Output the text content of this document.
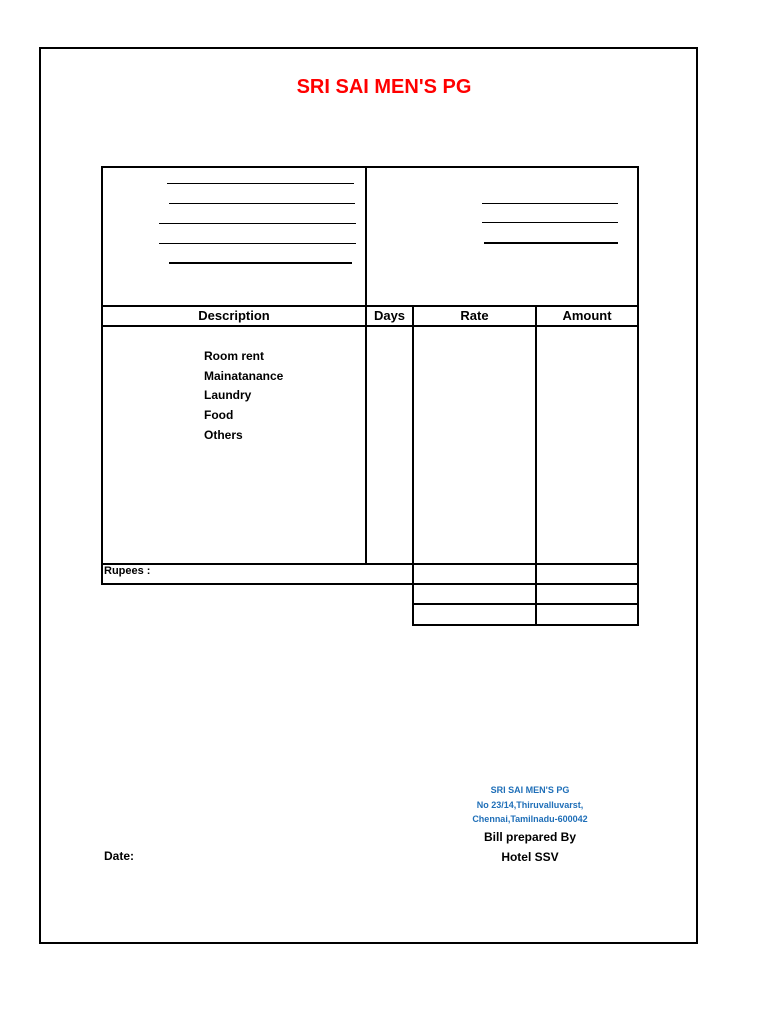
SRI SAI MEN'S PG
Description	Days	Rate	Amount
Room rent
Mainatanance
Laundry
Food
Others
Rupees :
SRI SAI MEN'S PG
No 23/14,Thiruvalluvarst,
Chennai,Tamilnadu-600042
Bill prepared By
Hotel SSV
Date:
